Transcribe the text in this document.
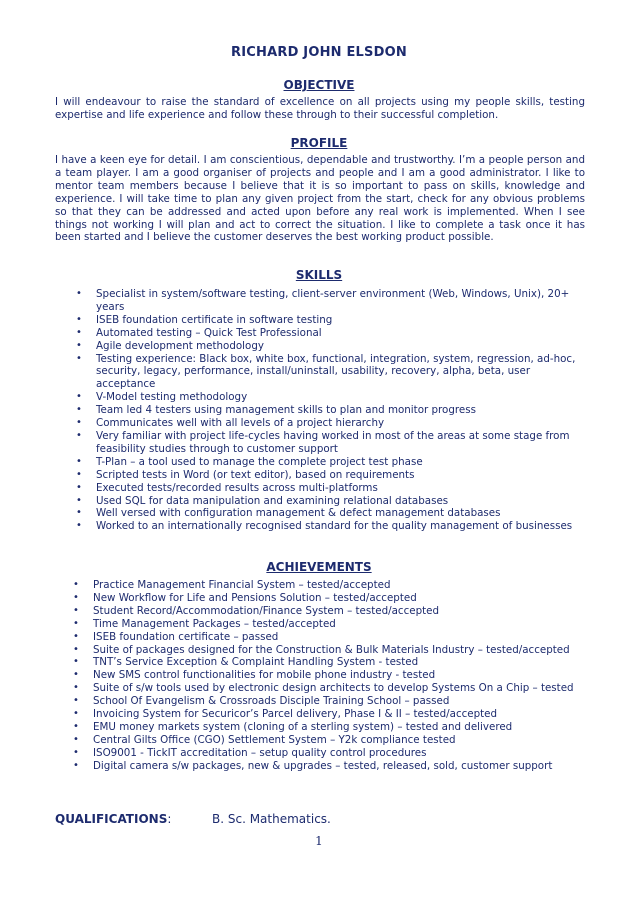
RICHARD JOHN ELSDON
OBJECTIVE

I will endeavour to raise the standard of excellence on all projects using my people skills, testing expertise and life experience and follow these through to their successful completion.

PROFILE

I have a keen eye for detail. I am conscientious, dependable and trustworthy. I’m a people person and a team player. I am a good organiser of projects and people and I am a good administrator. I like to mentor team members because I believe that it is so important to pass on skills, knowledge and experience. I will take time to plan any given project from the start, check for any obvious problems so that they can be addressed and acted upon before any real work is implemented. When I see things not working I will plan and act to correct the situation. I like to complete a task once it has been started and I believe the customer deserves the best working product possible.

SKILLS
• Specialist in system/software testing, client-server environment (Web, Windows, Unix), 20+ years
• ISEB foundation certificate in software testing
• Automated testing – Quick Test Professional
• Agile development methodology
• Testing experience: Black box, white box, functional, integration, system, regression, ad-hoc, security, legacy, performance, install/uninstall, usability, recovery, alpha, beta, user acceptance
• V-Model testing methodology
• Team led 4 testers using management skills to plan and monitor progress
• Communicates well with all levels of a project hierarchy
• Very familiar with project life-cycles having worked in most of the areas at some stage from feasibility studies through to customer support
• T-Plan – a tool used to manage the complete project test phase
• Scripted tests in Word (or text editor), based on requirements
• Executed tests/recorded results across multi-platforms
• Used SQL for data manipulation and examining relational databases
• Well versed with configuration management & defect management databases
• Worked to an internationally recognised standard for the quality management of businesses
ACHIEVEMENTS
• Practice Management Financial System – tested/accepted
• New Workflow for Life and Pensions Solution – tested/accepted
• Student Record/Accommodation/Finance System – tested/accepted
• Time Management Packages – tested/accepted
• ISEB foundation certificate – passed
• Suite of packages designed for the Construction & Bulk Materials Industry – tested/accepted
• TNT’s Service Exception & Complaint Handling System - tested
• New SMS control functionalities for mobile phone industry - tested
• Suite of s/w tools used by electronic design architects to develop Systems On a Chip – tested
• School Of Evangelism & Crossroads Disciple Training School – passed
• Invoicing System for Securicor’s Parcel delivery, Phase I & II – tested/accepted
• EMU money markets system (cloning of a sterling system) – tested and delivered
• Central Gilts Office (CGO) Settlement System – Y2k compliance tested
• ISO9001 - TickIT accreditation – setup quality control procedures
• Digital camera s/w packages, new & upgrades – tested, released, sold, customer support
QUALIFICATIONS:	B. Sc. Mathematics.
1
